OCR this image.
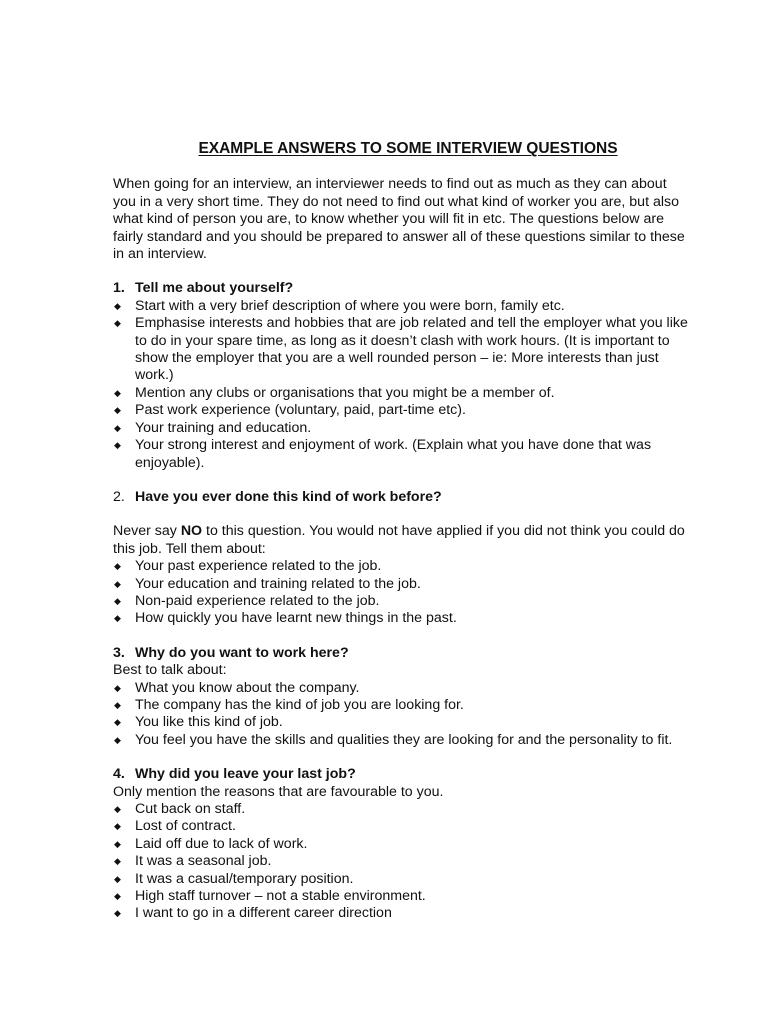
EXAMPLE ANSWERS TO SOME INTERVIEW QUESTIONS

When going for an interview, an interviewer needs to find out as much as they can about you in a very short time. They do not need to find out what kind of worker you are, but also what kind of person you are, to know whether you will fit in etc. The questions below are fairly standard and you should be prepared to answer all of these questions similar to these in an interview.

1. Tell me about yourself?
◆ Start with a very brief description of where you were born, family etc.
◆ Emphasise interests and hobbies that are job related and tell the employer what you like to do in your spare time, as long as it doesn’t clash with work hours. (It is important to show the employer that you are a well rounded person – ie: More interests than just work.)
◆ Mention any clubs or organisations that you might be a member of.
◆ Past work experience (voluntary, paid, part-time etc).
◆ Your training and education.
◆ Your strong interest and enjoyment of work. (Explain what you have done that was enjoyable).
2. Have you ever done this kind of work before?

Never say NO to this question. You would not have applied if you did not think you could do this job. Tell them about:

◆ Your past experience related to the job.
◆ Your education and training related to the job.
◆ Non-paid experience related to the job.
◆ How quickly you have learnt new things in the past.
3. Why do you want to work here?

Best to talk about:

◆ What you know about the company.
◆ The company has the kind of job you are looking for.
◆ You like this kind of job.
◆ You feel you have the skills and qualities they are looking for and the personality to fit.
4. Why did you leave your last job?

Only mention the reasons that are favourable to you.

◆ Cut back on staff.
◆ Lost of contract.
◆ Laid off due to lack of work.
◆ It was a seasonal job.
◆ It was a casual/temporary position.
◆ High staff turnover – not a stable environment.
◆ I want to go in a different career direction
